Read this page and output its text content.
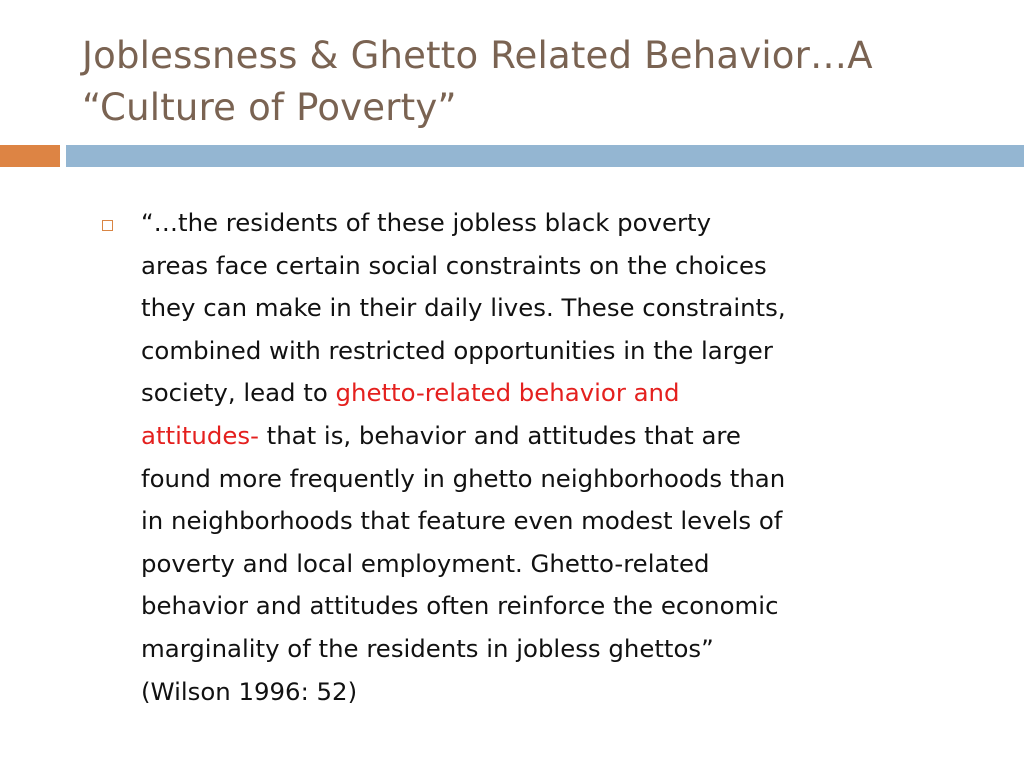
Joblessness & Ghetto Related Behavior…A
“Culture of Poverty”
“…the residents of these jobless black poverty
areas face certain social constraints on the choices
they can make in their daily lives. These constraints,
combined with restricted opportunities in the larger
society, lead to ghetto-related behavior and
attitudes- that is, behavior and attitudes that are
found more frequently in ghetto neighborhoods than
in neighborhoods that feature even modest levels of
poverty and local employment. Ghetto-related
behavior and attitudes often reinforce the economic
marginality of the residents in jobless ghettos”
(Wilson 1996: 52)
